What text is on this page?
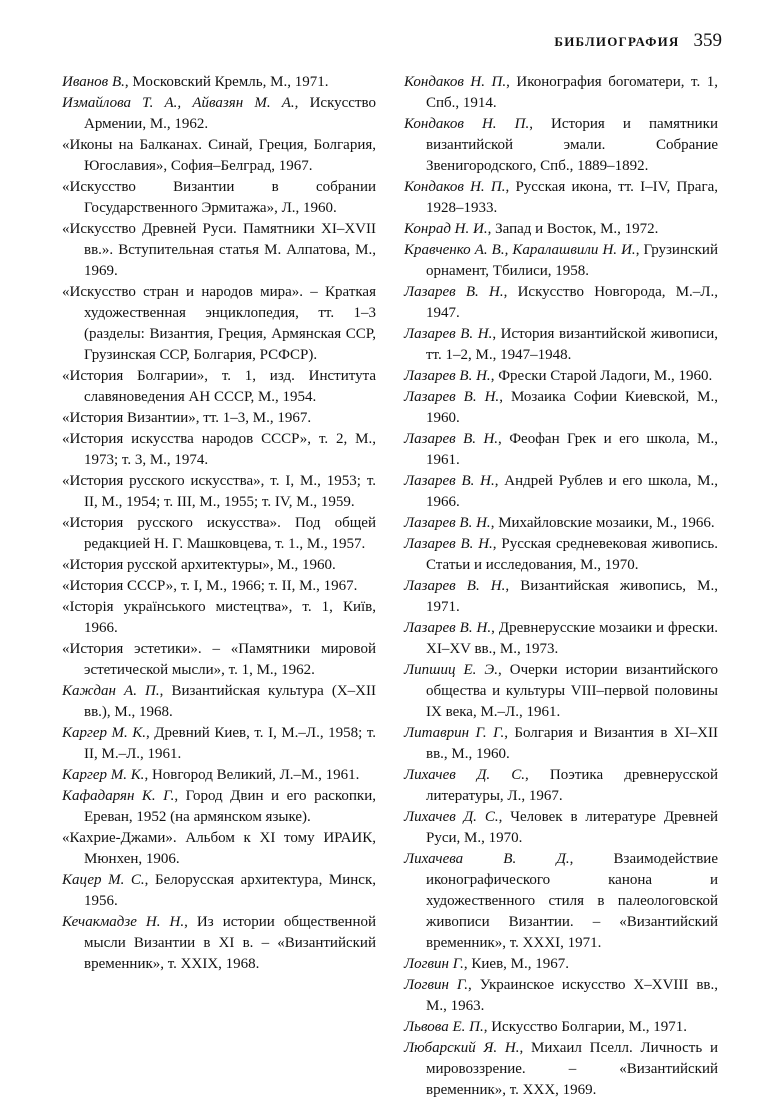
БИБЛИОГРАФИЯ 359

Иванов В., Московский Кремль, М., 1971.

Измайлова Т. А., Айвазян М. А., Искусство Армении, М., 1962.

«Иконы на Балканах. Синай, Греция, Болгария, Югославия», София–Белград, 1967.

«Искусство Византии в собрании Государственного Эрмитажа», Л., 1960.

«Искусство Древней Руси. Памятники XI–XVII вв.». Вступительная статья М. Алпатова, М., 1969.

«Искусство стран и народов мира». – Краткая художественная энциклопедия, тт. 1–3 (разделы: Византия, Греция, Армянская ССР, Грузинская ССР, Болгария, РСФСР).

«История Болгарии», т. 1, изд. Института славяноведения АН СССР, М., 1954.

«История Византии», тт. 1–3, М., 1967.

«История искусства народов СССР», т. 2, М., 1973; т. 3, М., 1974.

«История русского искусства», т. I, М., 1953; т. II, М., 1954; т. III, М., 1955; т. IV, М., 1959.

«История русского искусства». Под общей редакцией Н. Г. Машковцева, т. 1., М., 1957.

«История русской архитектуры», М., 1960.

«История СССР», т. I, М., 1966; т. II, М., 1967.

«Історія українського мистецтва», т. 1, Київ, 1966.

«История эстетики». – «Памятники мировой эстетической мысли», т. 1, М., 1962.

Каждан А. П., Византийская культура (X–XII вв.), М., 1968.

Каргер М. К., Древний Киев, т. I, М.–Л., 1958; т. II, М.–Л., 1961.

Каргер М. К., Новгород Великий, Л.–М., 1961.

Кафадарян К. Г., Город Двин и его раскопки, Ереван, 1952 (на армянском языке).

«Кахрие-Джами». Альбом к XI тому ИРАИК, Мюнхен, 1906.

Кацер М. С., Белорусская архитектура, Минск, 1956.

Кечакмадзе Н. Н., Из истории общественной мысли Византии в XI в. – «Византийский временник», т. XXIX, 1968.

Кондаков Н. П., Иконография богоматери, т. 1, Спб., 1914.

Кондаков Н. П., История и памятники византийской эмали. Собрание Звенигородского, Спб., 1889–1892.

Кондаков Н. П., Русская икона, тт. I–IV, Прага, 1928–1933.

Конрад Н. И., Запад и Восток, М., 1972.

Кравченко А. В., Каралашвили Н. И., Грузинский орнамент, Тбилиси, 1958.

Лазарев В. Н., Искусство Новгорода, М.–Л., 1947.

Лазарев В. Н., История византийской живописи, тт. 1–2, М., 1947–1948.

Лазарев В. Н., Фрески Старой Ладоги, М., 1960.

Лазарев В. Н., Мозаика Софии Киевской, М., 1960.

Лазарев В. Н., Феофан Грек и его школа, М., 1961.

Лазарев В. Н., Андрей Рублев и его школа, М., 1966.

Лазарев В. Н., Михайловские мозаики, М., 1966.

Лазарев В. Н., Русская средневековая живопись. Статьи и исследования, М., 1970.

Лазарев В. Н., Византийская живопись, М., 1971.

Лазарев В. Н., Древнерусские мозаики и фрески. XI–XV вв., М., 1973.

Липшиц Е. Э., Очерки истории византийского общества и культуры VIII–первой половины IX века, М.–Л., 1961.

Литаврин Г. Г., Болгария и Византия в XI–XII вв., М., 1960.

Лихачев Д. С., Поэтика древнерусской литературы, Л., 1967.

Лихачев Д. С., Человек в литературе Древней Руси, М., 1970.

Лихачева В. Д., Взаимодействие иконографического канона и художественного стиля в палеологовской живописи Византии. – «Византийский временник», т. XXXI, 1971.

Логвин Г., Киев, М., 1967.

Логвин Г., Украинское искусство X–XVIII вв., М., 1963.

Львова Е. П., Искусство Болгарии, М., 1971.

Любарский Я. Н., Михаил Пселл. Личность и мировоззрение. – «Византийский временник», т. XXX, 1969.
